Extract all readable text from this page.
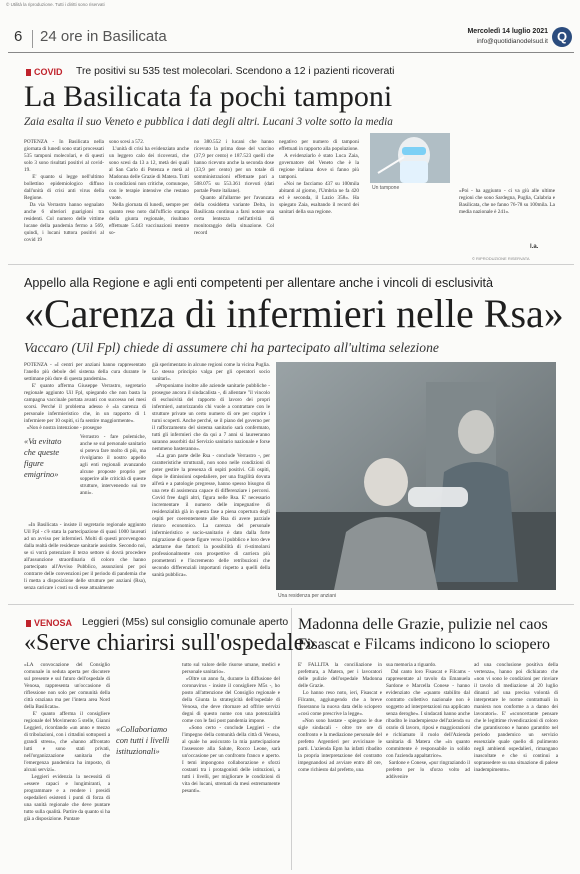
© Utilità la riproduzione. Tutti i diritti sono riservati
6 24 ore in Basilicata	Mercoledì 14 luglio 2021
info@quotidianodelsud.it Q
COVID Tre positivi su 535 test molecolari. Scendono a 12 i pazienti ricoverati
La Basilicata fa pochi tamponi
Zaia esalta il suo Veneto e pubblica i dati degli altri. Lucani 3 volte sotto la media
POTENZA - In Basilicata nella giornata di lunedì sono stati processati 535 tamponi molecolari, e di questi solo 3 sono risultati positivi al covid-19.
E' quanto si legge nell'ultimo bollettino epidemiologico diffuso dall'unità di crisi anti virus della Regione.
Da via Verrastro hanno segnalato anche 6 ulteriori guarigioni tra residenti. Col numero delle vittime lucane della pandemia fermo a 569, quindi, i lucani tuttora positivi al covid 19
sono scesi a 572.
L'unità di crisi ha evidenziato anche un leggero calo dei ricoverati, che sono scesi da 13 a 12, metà dei quali al San Carlo di Potenza e metà al Madonna delle Grazie di Matera. Tutti in condizioni non critiche, comunque, con le terapie intensive che restano vuote.
Nella giornata di lunedì, sempre per quanto reso noto dall'ufficio stampa della giunta regionale, risultano effettuate 5.443 vaccinazioni mentre so-
no 380.552 i lucani che hanno ricevuto la prima dose del vaccino (37,9 per cento) e 187.523 quelli che hanno ricevuto anche la seconda dose (33,9 per cento) per un totale di somministrazioni effettuate pari a 508.075 su 553.361 ricevuti (dati portale Poste italiane).
Quanto all'allarme per l'avanzata della cosiddetta variante Delta, in Basilicata continua a farsi notare una certa lentezza nell'attività di monitoraggio della situazione. Col record
negativo per numero di tamponi effettuati in rapporto alla popolazione.
A evidenziarlo è stato Luca Zaia, governatore del Veneto che è la regione italiana dove si fanno più tamponi.
«Noi ne facciamo 437 su 100mila abitanti al giorno, l'Umbria ne fa 420 ed è seconda, il Lazio 358». Ha spiegato Zaia, esaltando il record dei sanitari della sua regione.
Un tampone	«Poi - ha aggiunto - ci va giù alle ultime regioni che sono Sardegna, Puglia, Calabria e Basilicata, che ne fanno 76-78 su 100mila. La media nazionale è 241».
l.a.
© RIPRODUZIONE RISERVATA
Appello alla Regione e agli enti competenti per allentare anche i vincoli di esclusività
«Carenza di infermieri nelle Rsa»
Vaccaro (Uil Fpl) chiede di assumere chi ha partecipato all'ultima selezione
POTENZA - «I centri per anziani hanno rappresentato l'anello più debole del sistema della cura durante le settimane più dure di questa pandemia».
E' quanto afferma Giuseppe Verrastro, segretario regionale aggiunto Uil Fpl, spiegando che non basta la campagna vaccinale portata avanti con successo nei mesi scorsi. Perché il problema adesso è «la carenza di personale infermieristico che, in un rapporto di 1 infermiere per 10 ospiti, si fa sentire maggiormente».
«Non è nostra intenzione - prosegue
«Va evitato
che queste
figure
emigrino»
Verrastro - fare polemiche, anche se sul personale sanitario si poteva fare molto di più, ma rivolgiamo il nostro appello agli enti regionali avanzando alcune proposte proprio per sopperire alle criticità di queste strutture, intervenendo sui tre anni».
«In Basilicata - insiste il segretario regionale aggiunto Uil Fpl - c'è stata la partecipazione di quasi 1000 laureati ad un avviso per infermieri. Molti di questi provvengono dalla realtà delle residenze sanitarie assistite. Secondo noi, se si vorrà potenziare il terzo settore si dovrà procedere all'assunzione straordinaria di coloro che hanno partecipato all'Avviso Pubblico, assunzioni per poi contrarre delle convenzioni per il periodo di pandemia che li metta a disposizione delle strutture per anziani (Rsa), senza caricare i costi su di esse attualmente
già sperimentato in alcune regioni come la vicina Puglia. Lo stesso principio valga per gli operatori socio sanitari».
«Proponiamo inoltre alle aziende sanitarie pubbliche - prosegue ancora il sindacalista -, di allentare "il vincolo di esclusività del rapporto di lavoro dei propri infermieri, autorizzando chi vuole a contrattare con le strutture private un certo numero di ore per coprire i turni scoperti. Anche perché, se il piano del governo per il rafforzamento del sistema sanitario sarà confermato, tutti gli infermieri che da qui a 7 anni si laureeranno saranno assorbiti dal Servizio sanitario nazionale e forse nemmeno basteranno».
«La gran parte delle Rsa - conclude Verrastro -, per caratteristiche strutturali, non sono nelle condizioni di poter gestire la presenza di ospiti positivi. Gli ospiti, dopo le dimissioni ospedaliere, per una fragilità dovuta all'età e a patologie pregresse, hanno spesso bisogno di una rete di assistenza capace di differenziare i percorsi. Covid free dagli altri, figura nelle Rsa. E' necessario incrementare il numero delle impegnative di residenzialità già in questa fase a piena copertura degli ospiti per coerentemente alle Rsa di avere parziale ristoro economico. La carenza del personale infermieristico e socio-sanitario è dato dalla forte migrazione di queste figure verso il pubblico e loro deve adattarne due fattori: la possibilità di ri-stimolarsi professionalmente con prospettive di carriera più promettenti e l'incremento delle retribuzioni che secondo differenziali importanti rispetto a quelli della sanità pubblica».
Una residenza per anziani
VENOSA Leggieri (M5s) sul consiglio comunale aperto
«Serve chiarirsi sull'ospedale»
«LA convocazione del Consiglio comunale in seduta aperta per discutere sul presente e sul futuro dell'ospedale di Venosa, rappresenta un'occasione di riflessione non solo per comunità della città oraziana ma per l'intera area Nord della Basilicata».
E' quanto afferma il consigliere regionale del Movimento 5 stelle, Gianni Leggieri, ricordando «un anno e mezzo di tribolazioni, con i cittadini sottoposti a grandi stress», che «hanno affrontato lutti e sono stati privati, nell'organizzazione sanitaria che l'emergenza pandemica ha imposto, di alcuni servizi».
Leggieri evidenzia la necessità di «essere capaci e lungimiranti, a programmare e a rendere i presidi ospedalieri esistenti i punti di forza di una sanità regionale che deve puntare tutto sulla qualità. Partire da quanto si ha già a disposizione. Puntare
«Collaboriamo
con tutti i livelli
istituzionali»
tutto sul valore delle risorse umane, medici e personale sanitario».
«Oltre un anno fa, durante la diffusione del coronavirus - insiste il consigliere M5s -, ho posto all'attenzione del Consiglio regionale e della Giunta la strategicità dell'ospedale di Venosa, che deve ritornare ad offrire servizi degni di questo nome con una potenzialità come con le fasi post pandemia impone.
«Sono certo - conclude Leggieri - che l'impegno della comunità della città di Venosa, al quale ho assicurato la mia partecipazione l'assessore alla Salute, Rocco Leone, sarà un'occasione per un confronto franco e aperto. I temi impongono collaborazione e sforzi costanti tra i protagonisti delle istituzioni, a tutti i livelli, per migliorare le condizioni di vita dei lucani, stremati da mesi estremamente pesanti».
Madonna delle Grazie, pulizie nel caos
Fisascat e Filcams indicono lo sciopero
E' FALLITA la conciliazione in prefettura, a Matera, per i lavoratori delle pulizie dell'ospedale Madonna delle Grazie.
Lo hanno reso noto, ieri, Fisascat e Filcams, aggiungendo che a breve fisseranno la nuova data dello sciopero «così come prescrive la legge».
«Non sono bastate - spiegano le due sigle sindacali - oltre tre ore di confronto e la mediazione personale del prefetto Argentieri per avvicinare le parti. L'azienda Epm ha infatti ribadito la propria interpretazione del contratto impegnandosi ad avviare entro 48 ore, come richiesto dal prefetto, una
sua memoria a riguardo.
Dal canto loro Fisascat e Filcams - rappresentate al tavolo da Emanuela Sardone e Marcella Conese - hanno evidenziato che «quanto stabilito dal contratto collettivo nazionale non è soggetto ad interpretazioni ma applicato senza deroghe». I sindacati hanno anche ribadito le inadempienze dell'azienda su orario di lavoro, riposi e maggiorazioni e richiamato il ruolo dell'Azienda sanitaria di Matera che «in quanto committente è responsabile in solido con l'azienda appaltatrice».
Sardone e Conese, «pur ringraziando il prefetto per lo sforzo volto ad addivenire
ad una conclusione positiva della vertenza», hanno poi dichiarato che «non vi sono le condizioni per rinviare il tavolo di mediazione al 20 luglio dinanzi ad una precisa volontà di interpretare le norme contrattuali in maniera non conforme a a danno dei lavoratori». E' «sconcertante pensare che le legittime rivendicazioni di coloro che garantiscono e hanno garantito nel periodo pandemico un servizio essenziale quale quello di pulimento negli ambienti ospedalieri, rimangano inascoltate e che si continui a soprassedere su una situazione di palese inadempimento».
